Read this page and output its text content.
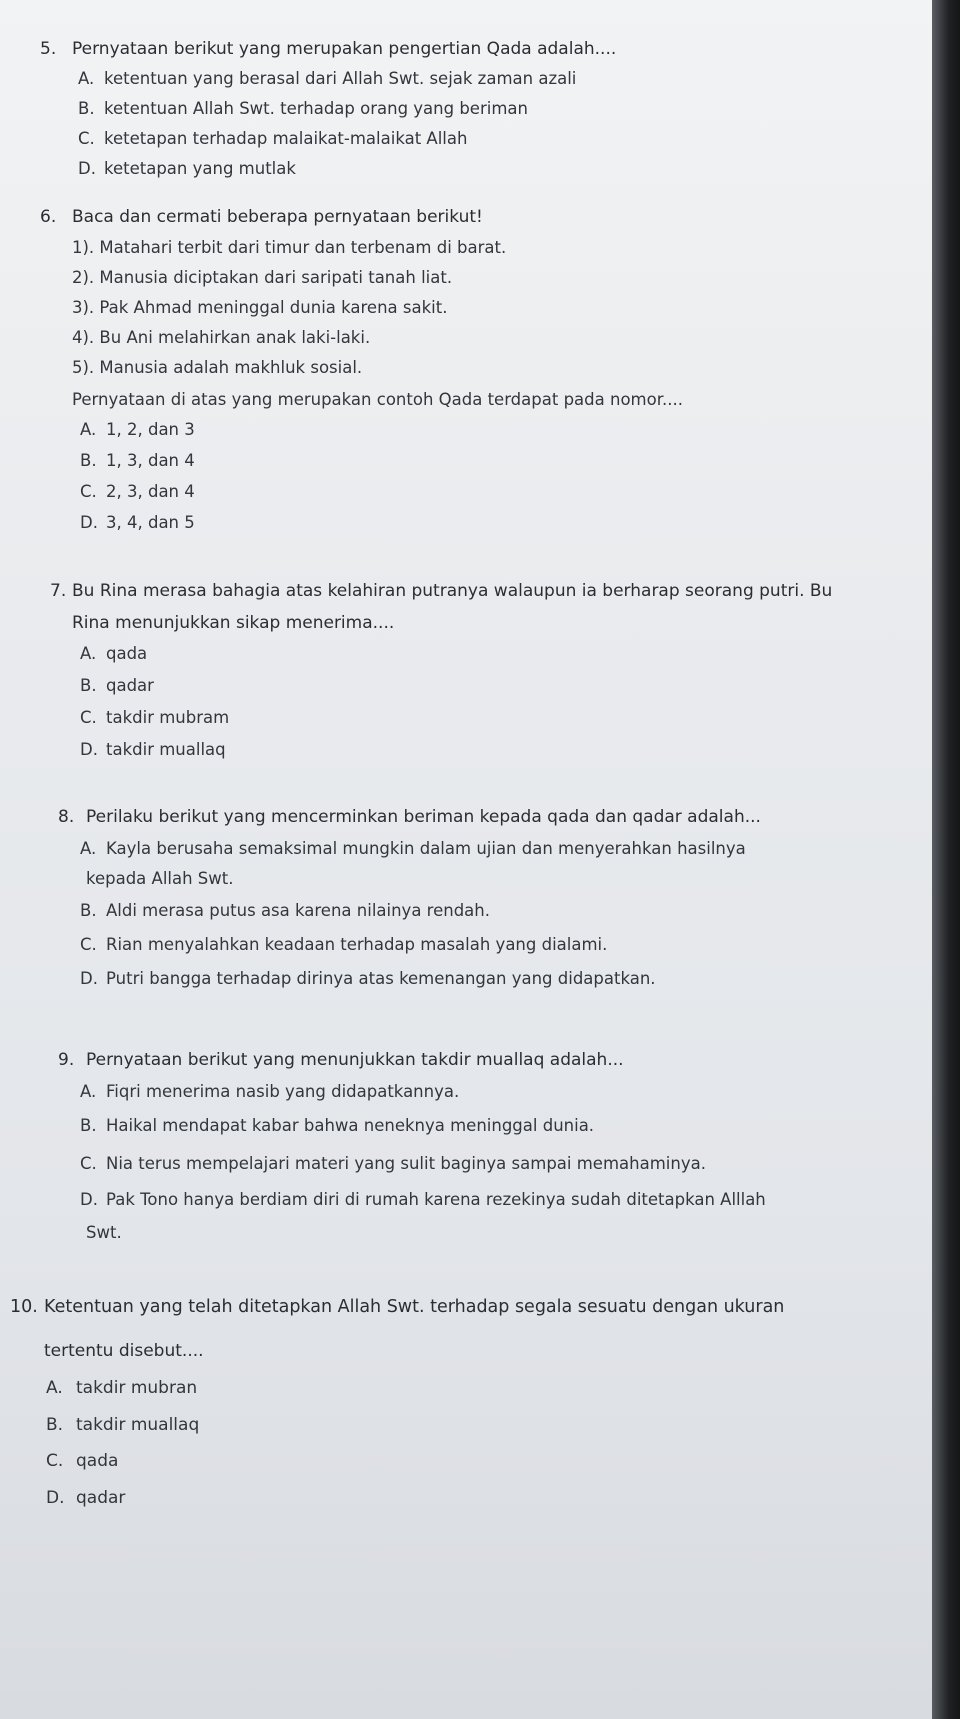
5. Pernyataan berikut yang merupakan pengertian Qada adalah....
A. ketentuan yang berasal dari Allah Swt. sejak zaman azali
B. ketentuan Allah Swt. terhadap orang yang beriman
C. ketetapan terhadap malaikat-malaikat Allah
D. ketetapan yang mutlak
6. Baca dan cermati beberapa pernyataan berikut!
1). Matahari terbit dari timur dan terbenam di barat.
2). Manusia diciptakan dari saripati tanah liat.
3). Pak Ahmad meninggal dunia karena sakit.
4). Bu Ani melahirkan anak laki-laki.
5). Manusia adalah makhluk sosial.
Pernyataan di atas yang merupakan contoh Qada terdapat pada nomor....
A. 1, 2, dan 3
B. 1, 3, dan 4
C. 2, 3, dan 4
D. 3, 4, dan 5
7. Bu Rina merasa bahagia atas kelahiran putranya walaupun ia berharap seorang putri. Bu
Rina menunjukkan sikap menerima....
A. qada
B. qadar
C. takdir mubram
D. takdir muallaq
8. Perilaku berikut yang mencerminkan beriman kepada qada dan qadar adalah...
A. Kayla berusaha semaksimal mungkin dalam ujian dan menyerahkan hasilnya
kepada Allah Swt.
B. Aldi merasa putus asa karena nilainya rendah.
C. Rian menyalahkan keadaan terhadap masalah yang dialami.
D. Putri bangga terhadap dirinya atas kemenangan yang didapatkan.
9. Pernyataan berikut yang menunjukkan takdir muallaq adalah...
A. Fiqri menerima nasib yang didapatkannya.
B. Haikal mendapat kabar bahwa neneknya meninggal dunia.
C. Nia terus mempelajari materi yang sulit baginya sampai memahaminya.
D. Pak Tono hanya berdiam diri di rumah karena rezekinya sudah ditetapkan Alllah
Swt.
10. Ketentuan yang telah ditetapkan Allah Swt. terhadap segala sesuatu dengan ukuran
tertentu disebut....
A. takdir mubran
B. takdir muallaq
C. qada
D. qadar
